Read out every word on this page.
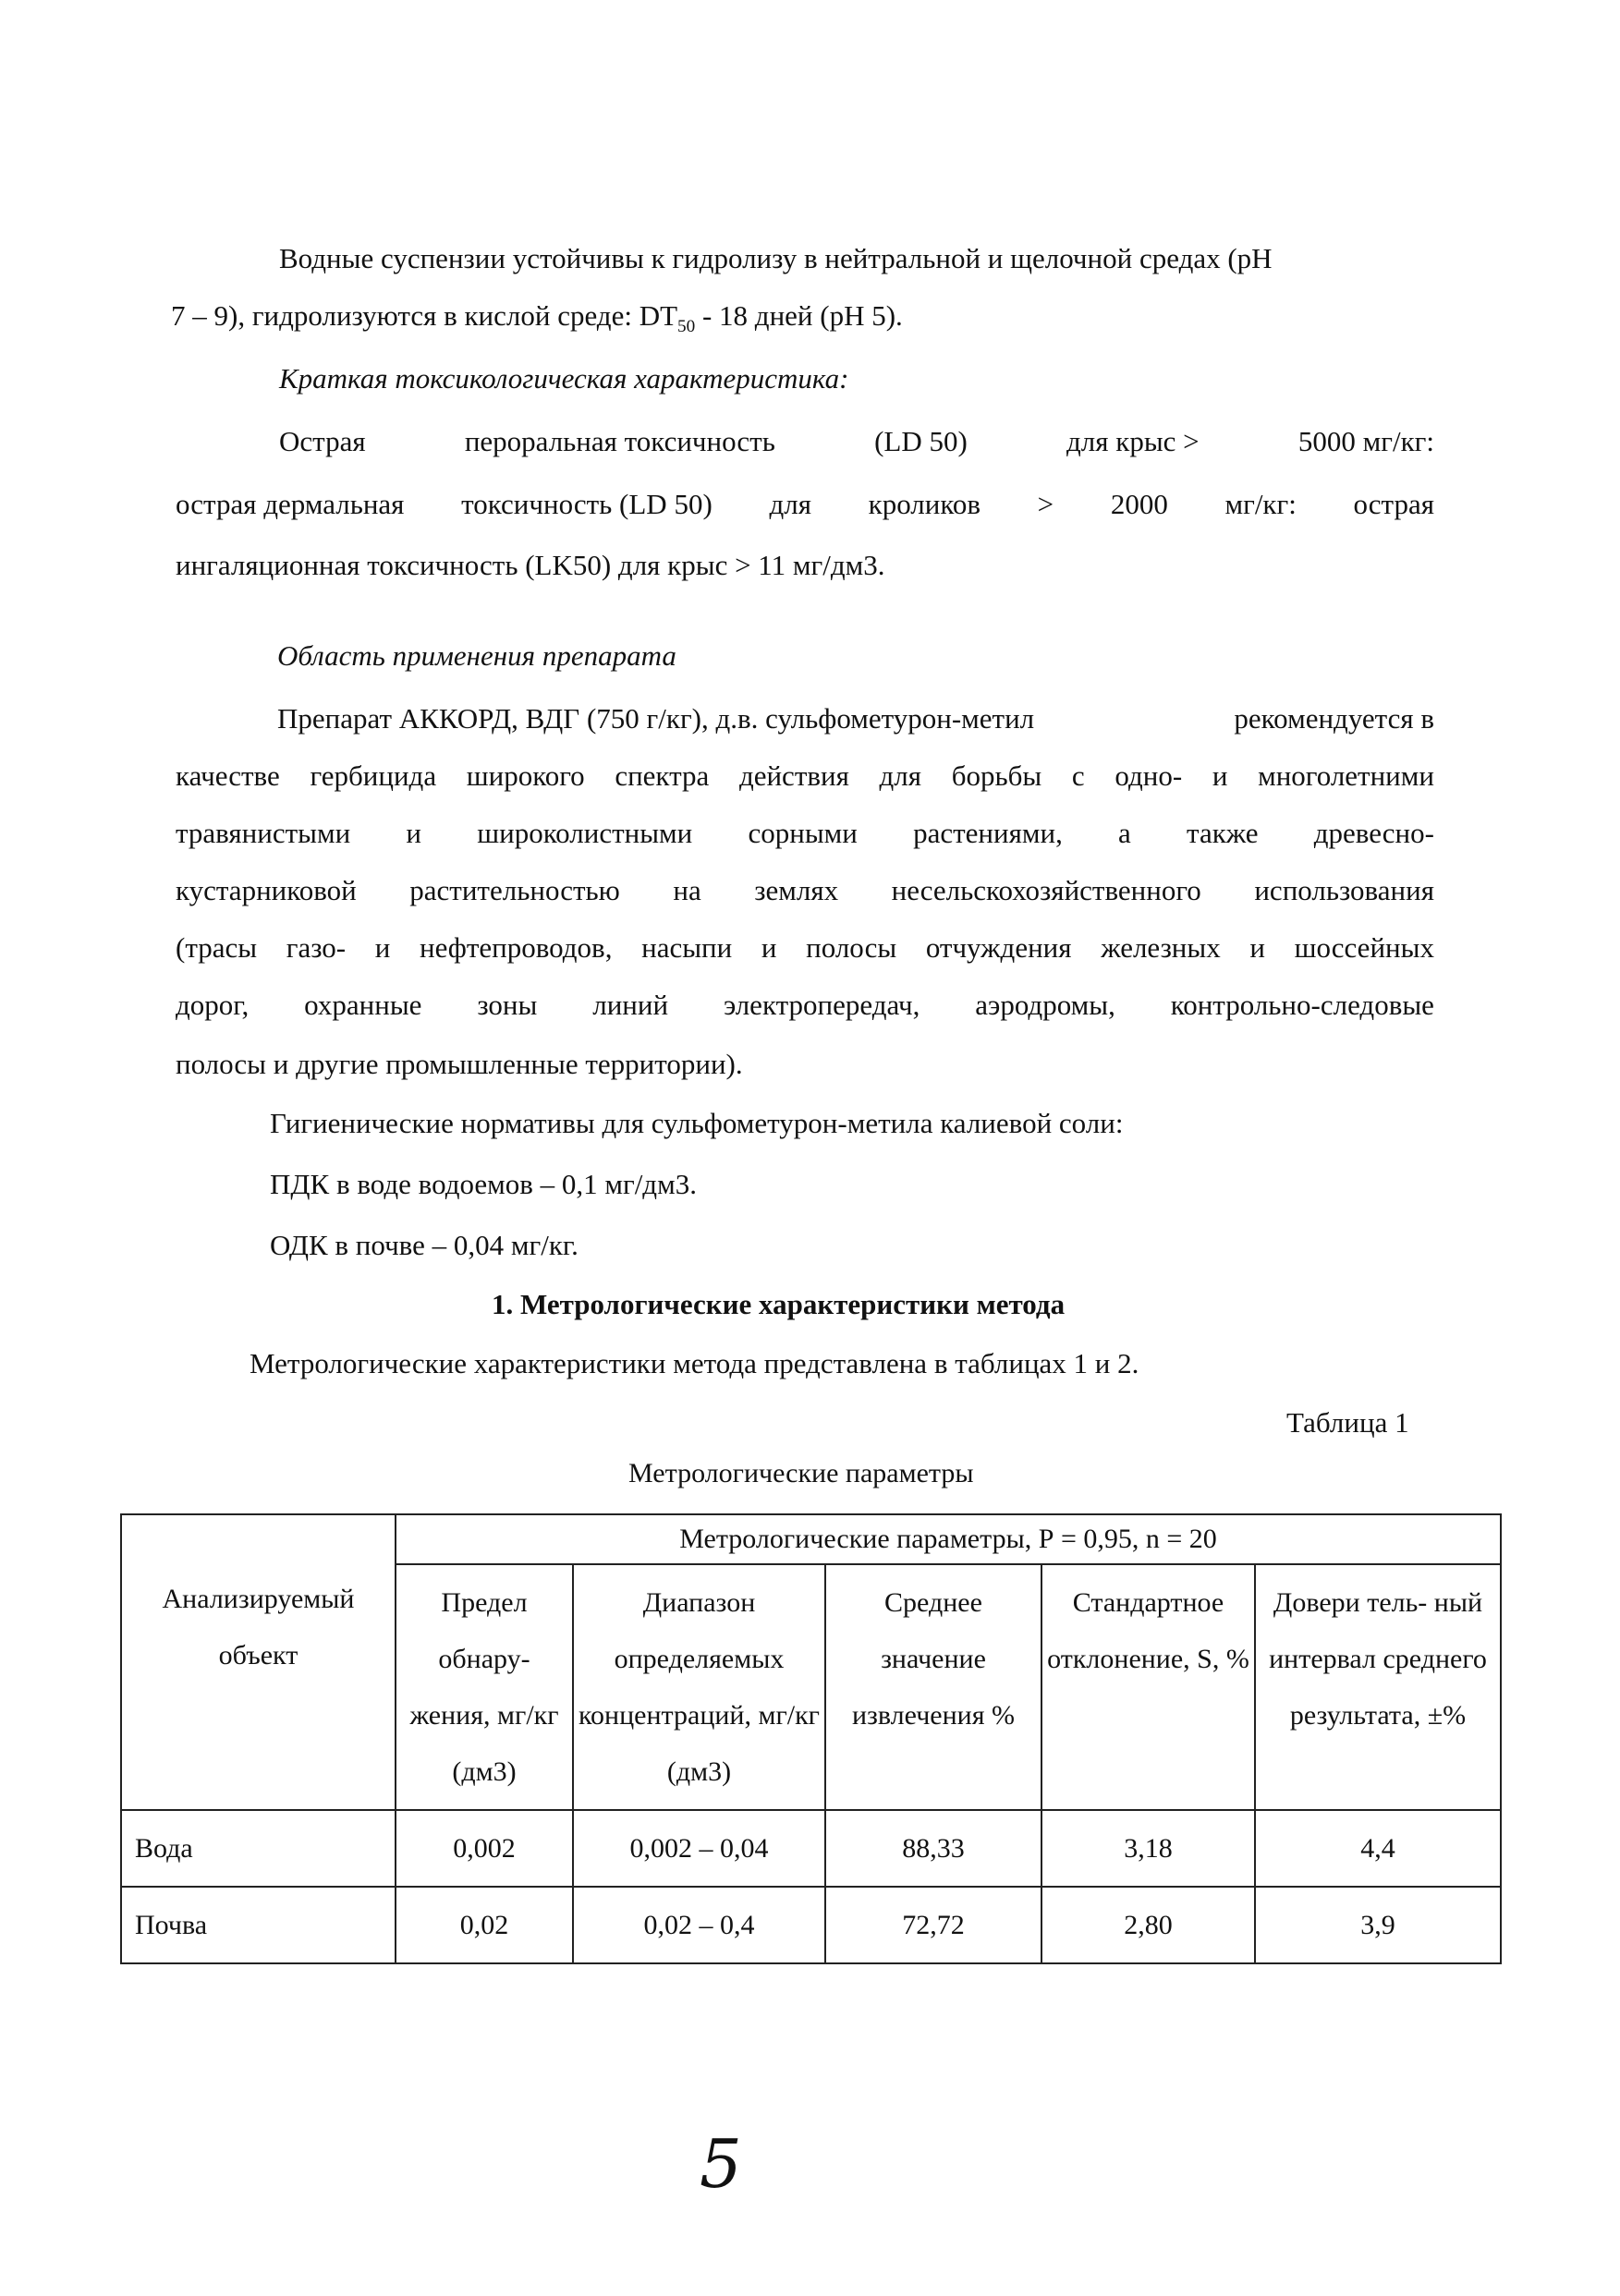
Водные суспензии устойчивы к гидролизу в нейтральной и щелочной средах (pH
7 – 9), гидролизуются в кислой среде: $DT_{50} - 18$ дней (pH 5).
Краткая токсикологическая характеристика:
Острая	пероральная токсичность	(LD 50)	для крыс >	5000 мг/кг:
острая дермальная токсичность (LD 50) для кроликов > 2000 мг/кг: острая
ингаляционная токсичность (LK50) для крыс > 11 мг/дм3.
Область применения препарата
Препарат АККОРД, ВДГ (750 г/кг), д.в. сульфометурон-метил	рекомендуется в
качестве гербицида широкого спектра действия для борьбы с одно- и многолетними
травянистыми и широколистными сорными растениями, а также древесно-
кустарниковой растительностью на землях несельскохозяйственного использования
(трасы газо- и нефтепроводов, насыпи и полосы отчуждения железных и шоссейных
дорог, охранные зоны линий электропередач, аэродромы, контрольно-следовые
полосы и другие промышленные территории).
Гигиенические нормативы для сульфометурон-метила калиевой соли:
ПДК в воде водоемов – 0,1 мг/дм3.
ОДК в почве – 0,04 мг/кг.
1. Метрологические характеристики метода
Метрологические характеристики метода представлена в таблицах 1 и 2.
Таблица 1
Метрологические параметры
Анализируемый объект	Метрологические параметры, Р = 0,95, n = 20				
	Предел обнару- жения, мг/кг (дм3)	Диапазон определяемых концентраций, мг/кг (дм3)	Среднее значение извлечения %	Стандартное отклонение, S, %	Довери тель- ный интервал среднего результата, ±%
Вода	0,002	0,002 – 0,04	88,33	3,18	4,4
Почва	0,02	0,02 – 0,4	72,72	2,80	3,9
5
